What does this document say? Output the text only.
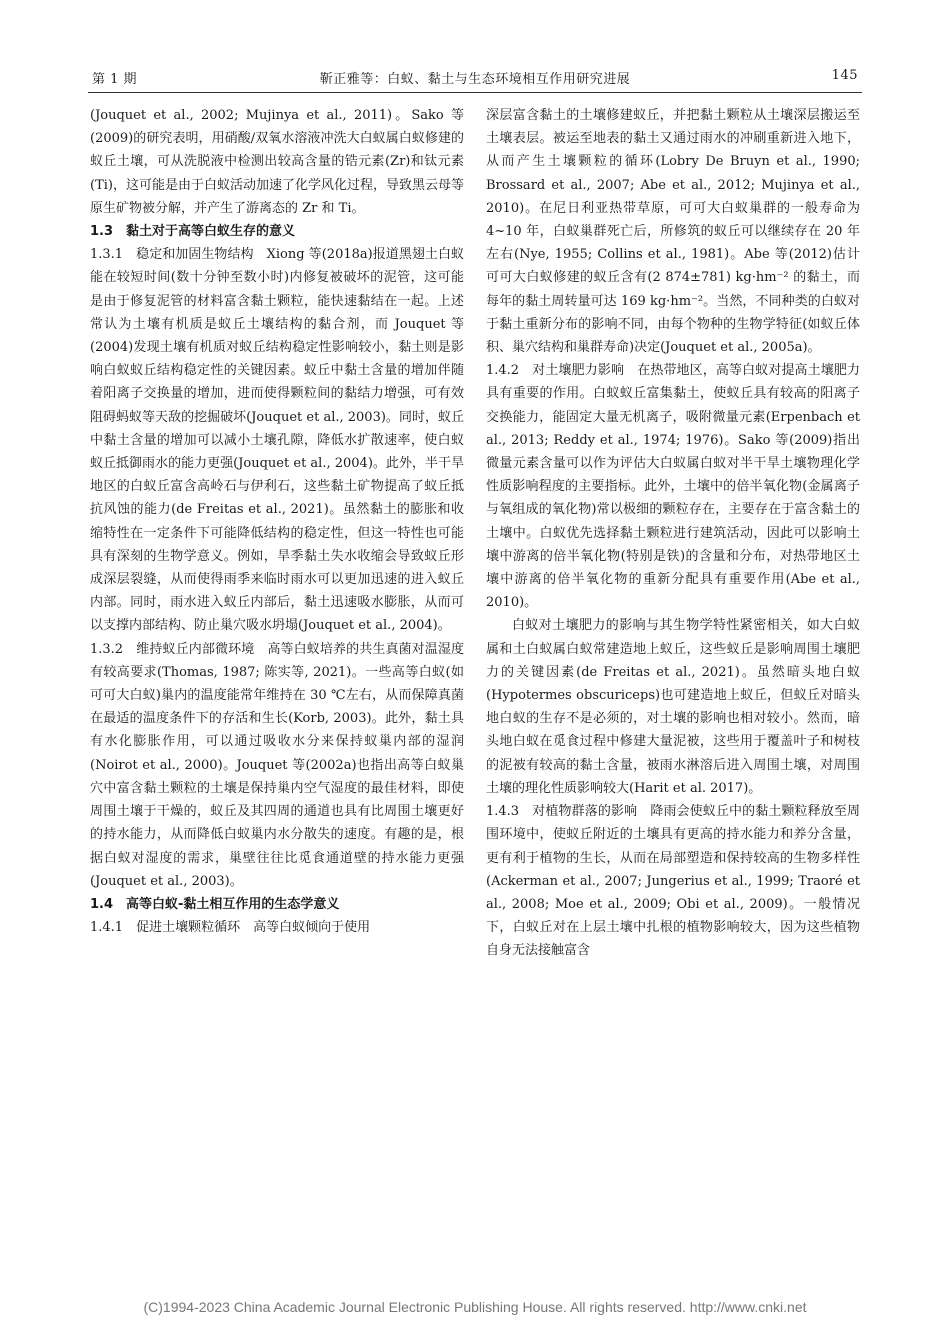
第 1 期	靳正雅等：白蚁、黏土与生态环境相互作用研究进展	145

(Jouquet et al., 2002; Mujinya et al., 2011)。Sako 等(2009)的研究表明，用硝酸/双氧水溶液冲洗大白蚁属白蚁修建的蚁丘土壤，可从洗脱液中检测出较高含量的锆元素(Zr)和钛元素(Ti)，这可能是由于白蚁活动加速了化学风化过程，导致黑云母等原生矿物被分解，并产生了游离态的 Zr 和 Ti。

1.3　黏土对于高等白蚁生存的意义

1.3.1　稳定和加固生物结构　 Xiong 等(2018a)报道黑翅土白蚁能在较短时间(数十分钟至数小时)内修复被破坏的泥管，这可能是由于修复泥管的材料富含黏土颗粒，能快速黏结在一起。上述常认为土壤有机质是蚁丘土壤结构的黏合剂，而 Jouquet 等(2004)发现土壤有机质对蚁丘结构稳定性影响较小，黏土则是影响白蚁蚁丘结构稳定性的关键因素。蚁丘中黏土含量的增加伴随着阳离子交换量的增加，进而使得颗粒间的黏结力增强，可有效阻碍蚂蚁等天敌的挖掘破坏(Jouquet et al., 2003)。同时，蚁丘中黏土含量的增加可以减小土壤孔隙，降低水扩散速率，使白蚁蚁丘抵御雨水的能力更强(Jouquet et al., 2004)。此外，半干旱地区的白蚁丘富含高岭石与伊利石，这些黏土矿物提高了蚁丘抵抗风蚀的能力(de Freitas et al., 2021)。虽然黏土的膨胀和收缩特性在一定条件下可能降低结构的稳定性，但这一特性也可能具有深刻的生物学意义。例如，旱季黏土失水收缩会导致蚁丘形成深层裂缝，从而使得雨季来临时雨水可以更加迅速的进入蚁丘内部。同时，雨水进入蚁丘内部后，黏土迅速吸水膨胀，从而可以支撑内部结构、防止巢穴吸水坍塌(Jouquet et al., 2004)。

1.3.2　维持蚁丘内部微环境　 高等白蚁培养的共生真菌对温湿度有较高要求(Thomas, 1987; 陈实等, 2021)。一些高等白蚁(如可可大白蚁)巢内的温度能常年维持在 30 ℃左右，从而保障真菌在最适的温度条件下的存活和生长(Korb, 2003)。此外，黏土具有水化膨胀作用，可以通过吸收水分来保持蚁巢内部的湿润(Noirot et al., 2000)。Jouquet 等(2002a)也指出高等白蚁巢穴中富含黏土颗粒的土壤是保持巢内空气湿度的最佳材料，即使周围土壤于干燥的，蚁丘及其四周的通道也具有比周围土壤更好的持水能力，从而降低白蚁巢内水分散失的速度。有趣的是，根据白蚁对湿度的需求，巢壁往往比觅食通道壁的持水能力更强(Jouquet et al., 2003)。

1.4　高等白蚁-黏土相互作用的生态学意义

1.4.1　促进土壤颗粒循环　 高等白蚁倾向于使用

深层富含黏土的土壤修建蚁丘，并把黏土颗粒从土壤深层搬运至土壤表层。被运至地表的黏土又通过雨水的冲刷重新进入地下，从而产生土壤颗粒的循环(Lobry De Bruyn et al., 1990; Brossard et al., 2007; Abe et al., 2012; Mujinya et al., 2010)。在尼日利亚热带草原，可可大白蚁巢群的一般寿命为 4~10 年，白蚁巢群死亡后，所修筑的蚁丘可以继续存在 20 年左右(Nye, 1955; Collins et al., 1981)。Abe 等(2012)估计可可大白蚁修建的蚁丘含有(2 874±781) kg·hm⁻² 的黏土，而每年的黏土周转量可达 169 kg·hm⁻²。当然，不同种类的白蚁对于黏土重新分布的影响不同，由每个物种的生物学特征(如蚁丘体积、巢穴结构和巢群寿命)决定(Jouquet et al., 2005a)。

1.4.2　对土壤肥力影响　 在热带地区，高等白蚁对提高土壤肥力具有重要的作用。白蚁蚁丘富集黏土，使蚁丘具有较高的阳离子交换能力，能固定大量无机离子，吸附微量元素(Erpenbach et al., 2013; Reddy et al., 1974; 1976)。Sako 等(2009)指出微量元素含量可以作为评估大白蚁属白蚁对半干旱土壤物理化学性质影响程度的主要指标。此外，土壤中的倍半氧化物(金属离子与氧组成的氧化物)常以极细的颗粒存在，主要存在于富含黏土的土壤中。白蚁优先选择黏土颗粒进行建筑活动，因此可以影响土壤中游离的倍半氧化物(特别是铁)的含量和分布，对热带地区土壤中游离的倍半氧化物的重新分配具有重要作用(Abe et al., 2010)。

白蚁对土壤肥力的影响与其生物学特性紧密相关，如大白蚁属和土白蚁属白蚁常建造地上蚁丘，这些蚁丘是影响周围土壤肥力的关键因素(de Freitas et al., 2021)。虽然暗头地白蚁(Hypotermes obscuriceps)也可建造地上蚁丘，但蚁丘对暗头地白蚁的生存不是必须的，对土壤的影响也相对较小。然而，暗头地白蚁在觅食过程中修建大量泥被，这些用于覆盖叶子和树枝的泥被有较高的黏土含量，被雨水淋溶后进入周围土壤，对周围土壤的理化性质影响较大(Harit et al. 2017)。

1.4.3　对植物群落的影响　 降雨会使蚁丘中的黏土颗粒释放至周围环境中，使蚁丘附近的土壤具有更高的持水能力和养分含量，更有利于植物的生长，从而在局部塑造和保持较高的生物多样性(Ackerman et al., 2007; Jungerius et al., 1999; Traoré et al., 2008; Moe et al., 2009; Obi et al., 2009)。一般情况下，白蚁丘对在上层土壤中扎根的植物影响较大，因为这些植物自身无法接触富含

(C)1994-2023 China Academic Journal Electronic Publishing House. All rights reserved. http://www.cnki.net
